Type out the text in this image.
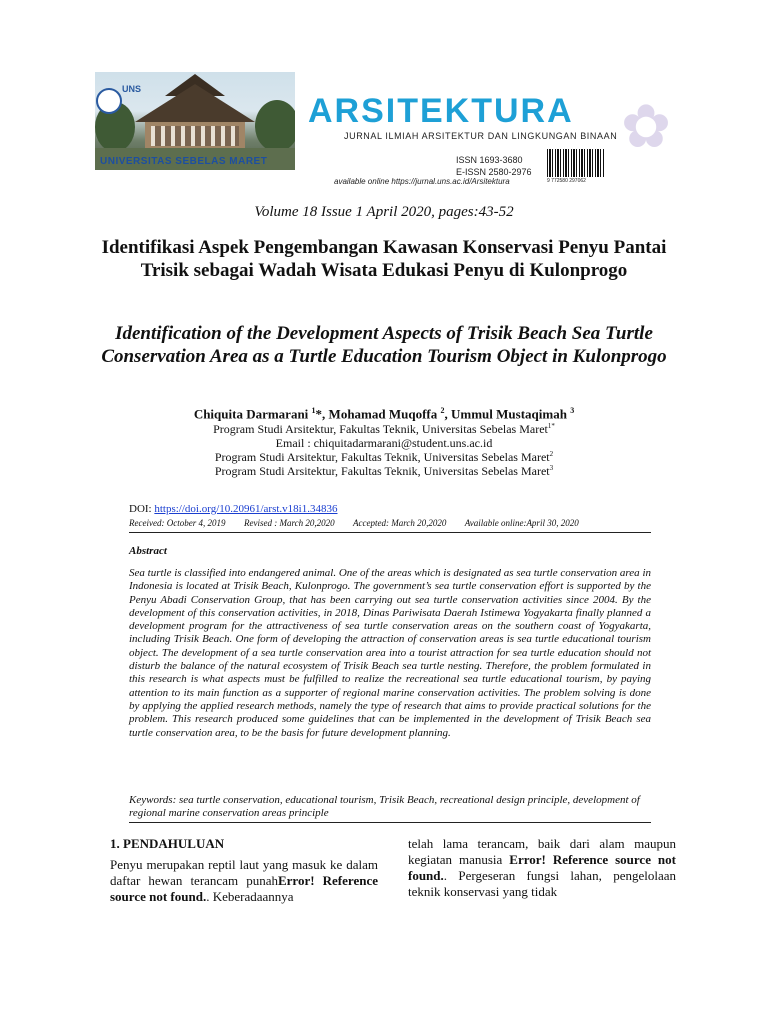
UNS
UNIVERSITAS SEBELAS MARET
ARSITEKTURA
JURNAL ILMIAH ARSITEKTUR DAN LINGKUNGAN BINAAN
ISSN 1693-3680
E-ISSN 2580-2976
available online https://jurnal.uns.ac.id/Arsitektura	9 772580 297062
✿
Volume 18 Issue 1 April 2020, pages:43-52
Identifikasi Aspek Pengembangan Kawasan Konservasi Penyu Pantai Trisik sebagai Wadah Wisata Edukasi Penyu di Kulonprogo
Identification of the Development Aspects of Trisik Beach Sea Turtle Conservation Area as a Turtle Education Tourism Object in Kulonprogo
Chiquita Darmarani $^1$*, Mohamad Muqoffa $^2$, Ummul Mustaqimah $^3$
Program Studi Arsitektur, Fakultas Teknik, Universitas Sebelas Maret$^{1*}$
Email : chiquitadarmarani@student.uns.ac.id
Program Studi Arsitektur, Fakultas Teknik, Universitas Sebelas Maret$^2$
Program Studi Arsitektur, Fakultas Teknik, Universitas Sebelas Maret$^3$
DOI: https://doi.org/10.20961/arst.v18i1.34836
Received: October 4, 2019 Revised : March 20,2020 Accepted: March 20,2020 Available online:April 30, 2020
Abstract
Sea turtle is classified into endangered animal. One of the areas which is designated as sea turtle conservation area in Indonesia is located at Trisik Beach, Kulonprogo. The government’s sea turtle conservation effort is supported by the Penyu Abadi Conservation Group, that has been carrying out sea turtle conservation activities since 2004. By the development of this conservation activities, in 2018, Dinas Pariwisata Daerah Istimewa Yogyakarta finally planned a development program for the attractiveness of sea turtle conservation areas on the southern coast of Yogyakarta, including Trisik Beach. One form of developing the attraction of conservation areas is sea turtle educational tourism object. The development of a sea turtle conservation area into a tourist attraction for sea turtle education should not disturb the balance of the natural ecosystem of Trisik Beach sea turtle nesting. Therefore, the problem formulated in this research is what aspects must be fulfilled to realize the recreational sea turtle educational tourism, by paying attention to its main function as a supporter of regional marine conservation activities. The problem solving is done by applying the applied research methods, namely the type of research that aims to provide practical solutions for the problem. This research produced some guidelines that can be implemented in the development of Trisik Beach sea turtle conservation area, to be the basis for future development planning.
Keywords: sea turtle conservation, educational tourism, Trisik Beach, recreational design principle, development of regional marine conservation areas principle
1. PENDAHULUAN
Penyu merupakan reptil laut yang masuk ke dalam daftar hewan terancam punahError! Reference source not found.. Keberadaannya
telah lama terancam, baik dari alam maupun kegiatan manusia Error! Reference source not found.. Pergeseran fungsi lahan, pengelolaan teknik konservasi yang tidak
